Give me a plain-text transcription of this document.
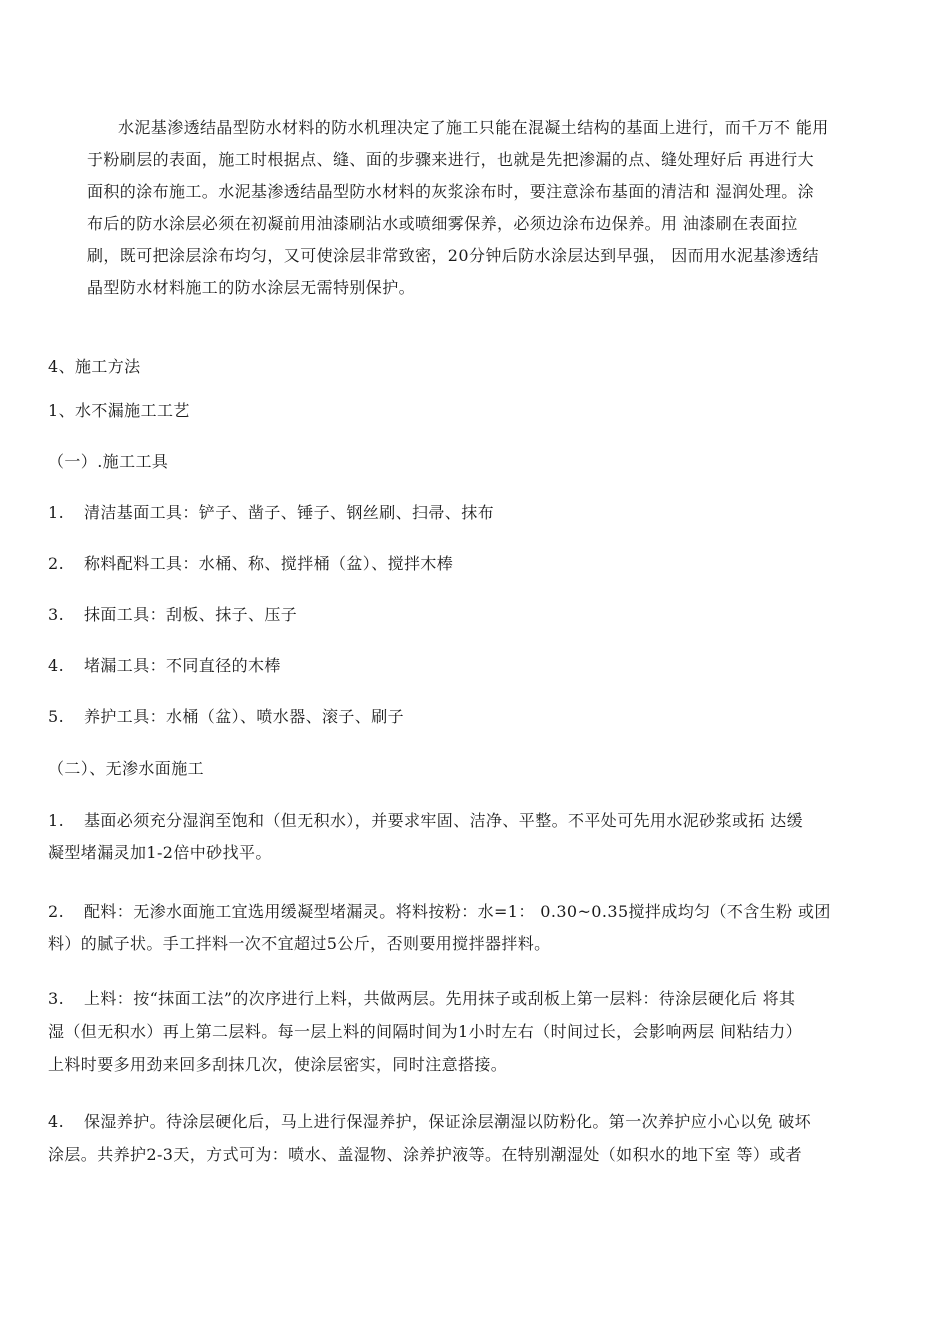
水泥基渗透结晶型防水材料的防水机理决定了施工只能在混凝土结构的基面上进行，而千万不 能用
于粉刷层的表面，施工时根据点、缝、面的步骤来进行，也就是先把渗漏的点、缝处理好后 再进行大
面积的涂布施工。水泥基渗透结晶型防水材料的灰浆涂布时，要注意涂布基面的清洁和 湿润处理。涂
布后的防水涂层必须在初凝前用油漆刷沾水或喷细雾保养，必须边涂布边保养。用 油漆刷在表面拉
刷，既可把涂层涂布均匀，又可使涂层非常致密，20分钟后防水涂层达到早强， 因而用水泥基渗透结
晶型防水材料施工的防水涂层无需特别保护。
4、施工方法
1、水不漏施工工艺
（一）.施工工具
1. 清洁基面工具：铲子、凿子、锤子、钢丝刷、扫帚、抹布
2. 称料配料工具：水桶、称、搅拌桶（盆）、搅拌木棒
3. 抹面工具：刮板、抹子、压子
4. 堵漏工具：不同直径的木棒
5. 养护工具：水桶（盆）、喷水器、滚子、刷子
（二）、无渗水面施工
1. 基面必须充分湿润至饱和（但无积水），并要求牢固、洁净、平整。不平处可先用水泥砂浆或拓 达缓
凝型堵漏灵加1-2倍中砂找平。
2. 配料：无渗水面施工宜选用缓凝型堵漏灵。将料按粉：水=1： 0.30~0.35搅拌成均匀（不含生粉 或团
料）的腻子状。手工拌料一次不宜超过5公斤，否则要用搅拌器拌料。
3. 上料：按“抹面工法”的次序进行上料，共做两层。先用抹子或刮板上第一层料：待涂层硬化后 将其
湿（但无积水）再上第二层料。每一层上料的间隔时间为1小时左右（时间过长，会影响两层 间粘结力）
上料时要多用劲来回多刮抹几次，使涂层密实，同时注意搭接。
4. 保湿养护。待涂层硬化后，马上进行保湿养护，保证涂层潮湿以防粉化。第一次养护应小心以免 破坏
涂层。共养护2-3天，方式可为：喷水、盖湿物、涂养护液等。在特别潮湿处（如积水的地下室 等）或者
